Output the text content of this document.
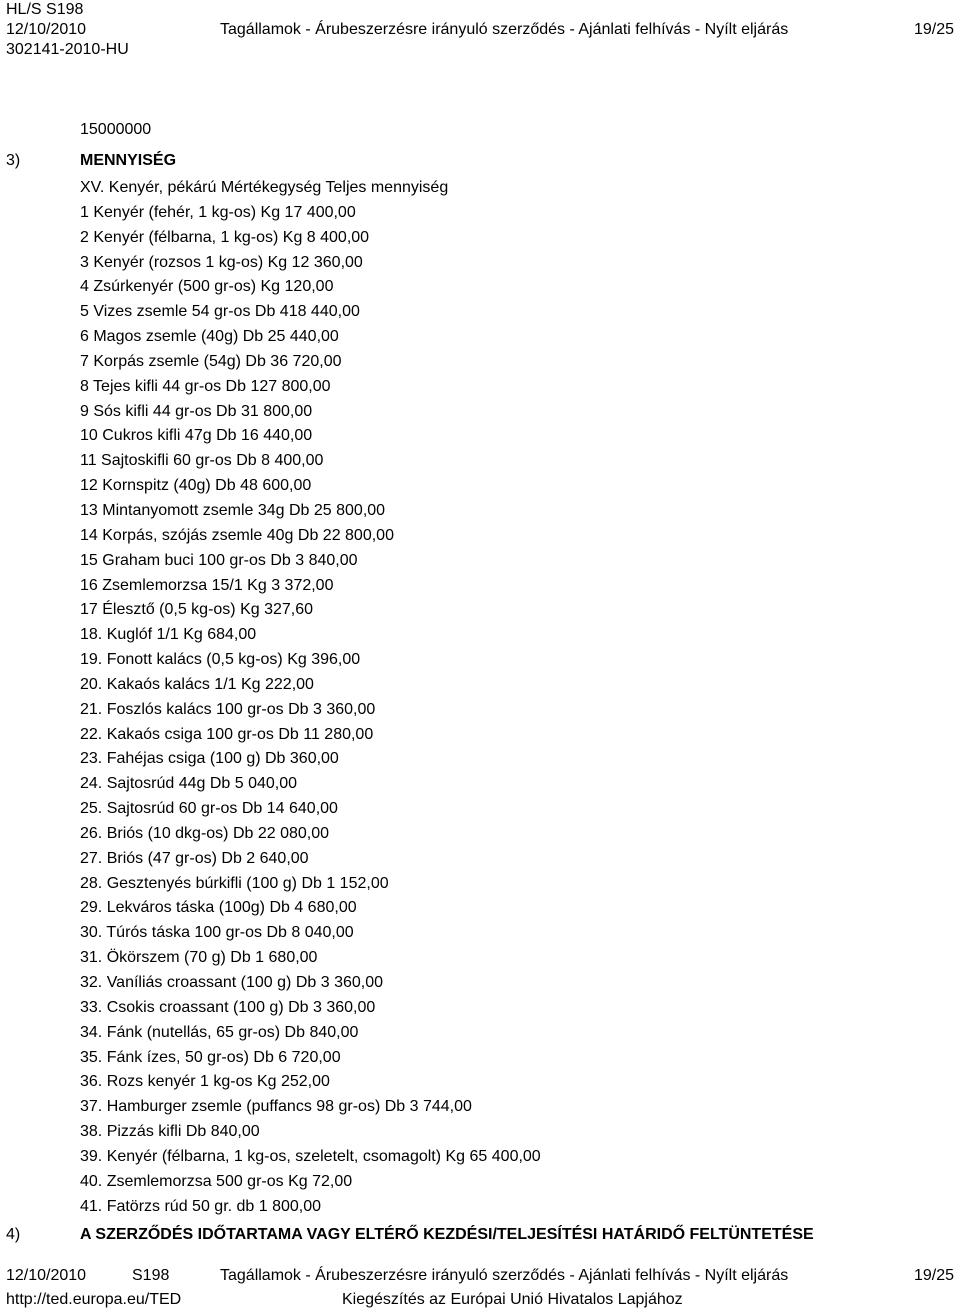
HL/S S198
12/10/2010	Tagállamok - Árubeszerzésre irányuló szerződés - Ajánlati felhívás - Nyílt eljárás	19/25
302141-2010-HU
15000000
3)	MENNYISÉG
XV. Kenyér, pékárú Mértékegység Teljes mennyiség
1 Kenyér (fehér, 1 kg-os) Kg 17 400,00
2 Kenyér (félbarna, 1 kg-os) Kg 8 400,00
3 Kenyér (rozsos 1 kg-os) Kg 12 360,00
4 Zsúrkenyér (500 gr-os) Kg 120,00
5 Vizes zsemle 54 gr-os Db 418 440,00
6 Magos zsemle (40g) Db 25 440,00
7 Korpás zsemle (54g) Db 36 720,00
8 Tejes kifli 44 gr-os Db 127 800,00
9 Sós kifli 44 gr-os Db 31 800,00
10 Cukros kifli 47g Db 16 440,00
11 Sajtoskifli 60 gr-os Db 8 400,00
12 Kornspitz (40g) Db 48 600,00
13 Mintanyomott zsemle 34g Db 25 800,00
14 Korpás, szójás zsemle 40g Db 22 800,00
15 Graham buci 100 gr-os Db 3 840,00
16 Zsemlemorzsa 15/1 Kg 3 372,00
17 Élesztő (0,5 kg-os) Kg 327,60
18. Kuglóf 1/1 Kg 684,00
19. Fonott kalács (0,5 kg-os) Kg 396,00
20. Kakaós kalács 1/1 Kg 222,00
21. Foszlós kalács 100 gr-os Db 3 360,00
22. Kakaós csiga 100 gr-os Db 11 280,00
23. Fahéjas csiga (100 g) Db 360,00
24. Sajtosrúd 44g Db 5 040,00
25. Sajtosrúd 60 gr-os Db 14 640,00
26. Briós (10 dkg-os) Db 22 080,00
27. Briós (47 gr-os) Db 2 640,00
28. Gesztenyés búrkifli (100 g) Db 1 152,00
29. Lekváros táska (100g) Db 4 680,00
30. Túrós táska 100 gr-os Db 8 040,00
31. Ökörszem (70 g) Db 1 680,00
32. Vaníliás croassant (100 g) Db 3 360,00
33. Csokis croassant (100 g) Db 3 360,00
34. Fánk (nutellás, 65 gr-os) Db 840,00
35. Fánk ízes, 50 gr-os) Db 6 720,00
36. Rozs kenyér 1 kg-os Kg 252,00
37. Hamburger zsemle (puffancs 98 gr-os) Db 3 744,00
38. Pizzás kifli Db 840,00
39. Kenyér (félbarna, 1 kg-os, szeletelt, csomagolt) Kg 65 400,00
40. Zsemlemorzsa 500 gr-os Kg 72,00
41. Fatörzs rúd 50 gr. db 1 800,00
4)	A SZERZŐDÉS IDŐTARTAMA VAGY ELTÉRŐ KEZDÉSI/TELJESÍTÉSI HATÁRIDŐ FELTÜNTETÉSE
12/10/2010	S198	Tagállamok - Árubeszerzésre irányuló szerződés - Ajánlati felhívás - Nyílt eljárás	19/25
http://ted.europa.eu/TED	Kiegészítés az Európai Unió Hivatalos Lapjához
